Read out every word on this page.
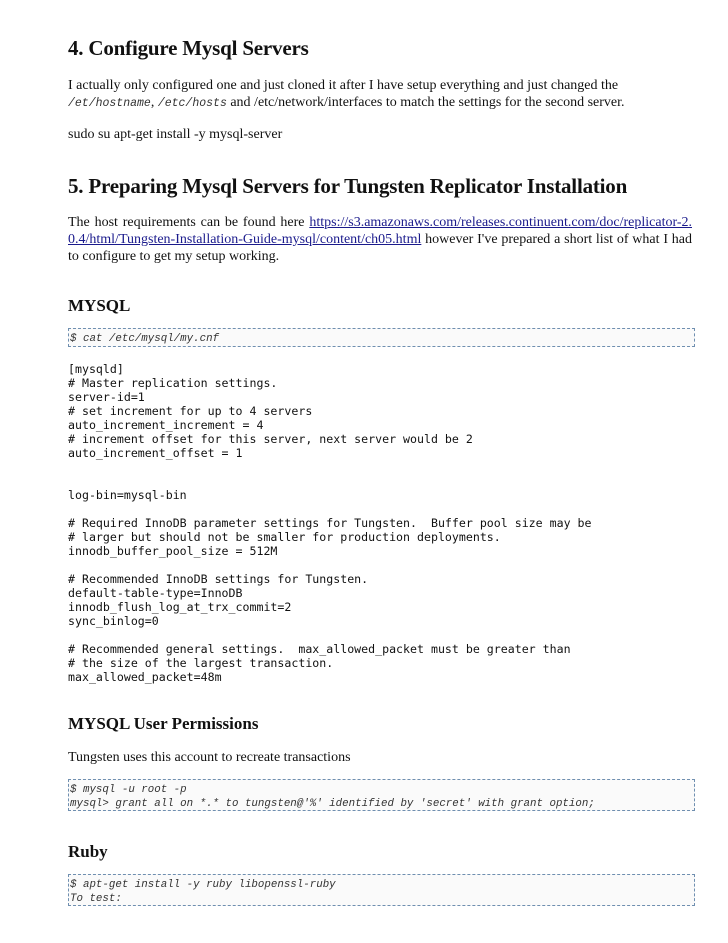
4. Configure Mysql Servers

I actually only configured one and just cloned it after I have setup everything and just changed the
/et/hostname, /etc/hosts and /etc/network/interfaces to match the settings for the second server.

sudo su apt-get install -y mysql-server

5. Preparing Mysql Servers for Tungsten Replicator Installation

The host requirements can be found here https://s3.amazonaws.com/releases.continuent.com/doc/replicator-2.0.4/html/Tungsten-Installation-Guide-mysql/content/ch05.html however I've prepared a short list of what I had to configure to get my setup working.

MYSQL
$ cat /etc/mysql/my.cnf
[mysqld]
# Master replication settings.
server-id=1
# set increment for up to 4 servers
auto_increment_increment = 4
# increment offset for this server, next server would be 2
auto_increment_offset = 1
log-bin=mysql-bin

# Required InnoDB parameter settings for Tungsten.  Buffer pool size may be
# larger but should not be smaller for production deployments.
innodb_buffer_pool_size = 512M

# Recommended InnoDB settings for Tungsten.
default-table-type=InnoDB
innodb_flush_log_at_trx_commit=2
sync_binlog=0

# Recommended general settings.  max_allowed_packet must be greater than
# the size of the largest transaction.
max_allowed_packet=48m
MYSQL User Permissions

Tungsten uses this account to recreate transactions

$ mysql -u root -p
mysql> grant all on *.* to tungsten@'%' identified by 'secret' with grant option;
Ruby
$ apt-get install -y ruby libopenssl-ruby
To test:
